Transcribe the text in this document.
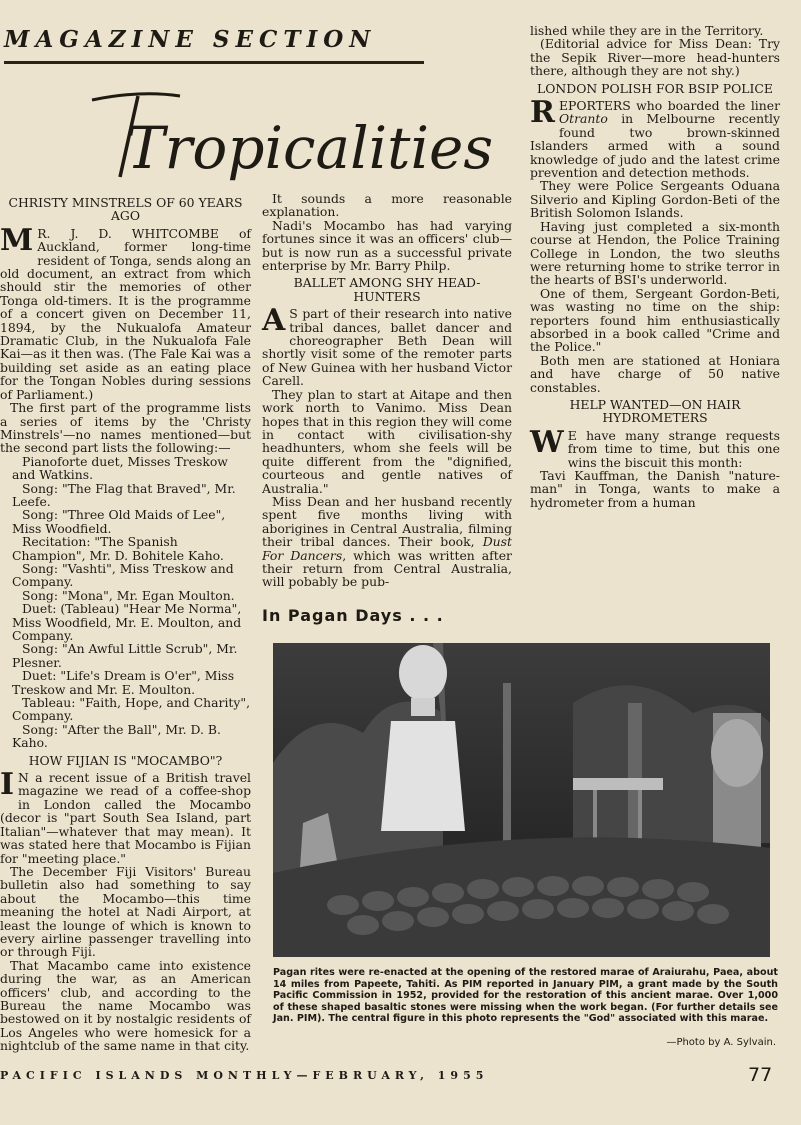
MAGAZINE SECTION
Tropicalities
CHRISTY MINSTRELS OF 60 YEARS AGO

M R. J. D. WHITCOMBE of Auckland, former long-time resident of Tonga, sends along an old document, an extract from which should stir the memories of other Tonga old-timers. It is the programme of a concert given on December 11, 1894, by the Nukualofa Amateur Dramatic Club, in the Nukualofa Fale Kai—as it then was. (The Fale Kai was a building set aside as an eating place for the Tongan Nobles during sessions of Parliament.)

The first part of the programme lists a series of items by the 'Christy Minstrels'—no names mentioned—but the second part lists the following:—

Pianoforte duet, Misses Treskow and Watkins.

Song: "The Flag that Braved", Mr. Leefe.

Song: "Three Old Maids of Lee", Miss Woodfield.

Recitation: "The Spanish Champion", Mr. D. Bohitele Kaho.

Song: "Vashti", Miss Treskow and Company.

Song: "Mona", Mr. Egan Moulton.

Duet: (Tableau) "Hear Me Norma", Miss Woodfield, Mr. E. Moulton, and Company.

Song: "An Awful Little Scrub", Mr. Plesner.

Duet: "Life's Dream is O'er", Miss Treskow and Mr. E. Moulton.

Tableau: "Faith, Hope, and Charity", Company.

Song: "After the Ball", Mr. D. B. Kaho.

HOW FIJIAN IS "MOCAMBO"?

I N a recent issue of a British travel magazine we read of a coffee-shop in London called the Mocambo (decor is "part South Sea Island, part Italian"—whatever that may mean). It was stated here that Mocambo is Fijian for "meeting place."

The December Fiji Visitors' Bureau bulletin also had something to say about the Mocambo—this time meaning the hotel at Nadi Airport, at least the lounge of which is known to every airline passenger travelling into or through Fiji.

That Macambo came into existence during the war, as an American officers' club, and according to the Bureau the name Mocambo was bestowed on it by nostalgic residents of Los Angeles who were homesick for a nightclub of the same name in that city.

It sounds a more reasonable explanation.

Nadi's Mocambo has had varying fortunes since it was an officers' club—but is now run as a successful private enterprise by Mr. Barry Philp.

BALLET AMONG SHY HEAD-HUNTERS

A S part of their research into native tribal dances, ballet dancer and choreographer Beth Dean will shortly visit some of the remoter parts of New Guinea with her husband Victor Carell.

They plan to start at Aitape and then work north to Vanimo. Miss Dean hopes that in this region they will come in contact with civilisation-shy headhunters, whom she feels will be quite different from the "dignified, courteous and gentle natives of Australia."

Miss Dean and her husband recently spent five months living with aborigines in Central Australia, filming their tribal dances. Their book, Dust For Dancers, which was written after their return from Central Australia, will pobably be pub-

lished while they are in the Territory.

(Editorial advice for Miss Dean: Try the Sepik River—more head-hunters there, although they are not shy.)

LONDON POLISH FOR BSIP POLICE

REPORTERS who boarded the liner Otranto in Melbourne recently found two brown-skinned Islanders armed with a sound knowledge of judo and the latest crime prevention and detection methods.

They were Police Sergeants Oduana Silverio and Kipling Gordon-Beti of the British Solomon Islands.

Having just completed a six-month course at Hendon, the Police Training College in London, the two sleuths were returning home to strike terror in the hearts of BSI's underworld.

One of them, Sergeant Gordon-Beti, was wasting no time on the ship: reporters found him enthusiastically absorbed in a book called "Crime and the Police."

Both men are stationed at Honiara and have charge of 50 native constables.

HELP WANTED—ON HAIR HYDROMETERS

W E have many strange requests from time to time, but this one wins the biscuit this month:

Tavi Kauffman, the Danish "nature-man" in Tonga, wants to make a hydrometer from a human

In Pagan Days . . .
Pagan rites were re-enacted at the opening of the restored marae of Araiurahu, Paea, about 14 miles from Papeete, Tahiti. As PIM reported in January PIM, a grant made by the South Pacific Commission in 1952, provided for the restoration of this ancient marae. Over 1,000 of these shaped basaltic stones were missing when the work began. (For further details see Jan. PIM). The central figure in this photo represents the "God" associated with this marae.
—Photo by A. Sylvain.
PACIFIC ISLANDS MONTHLY—FEBRUARY, 1955	77
